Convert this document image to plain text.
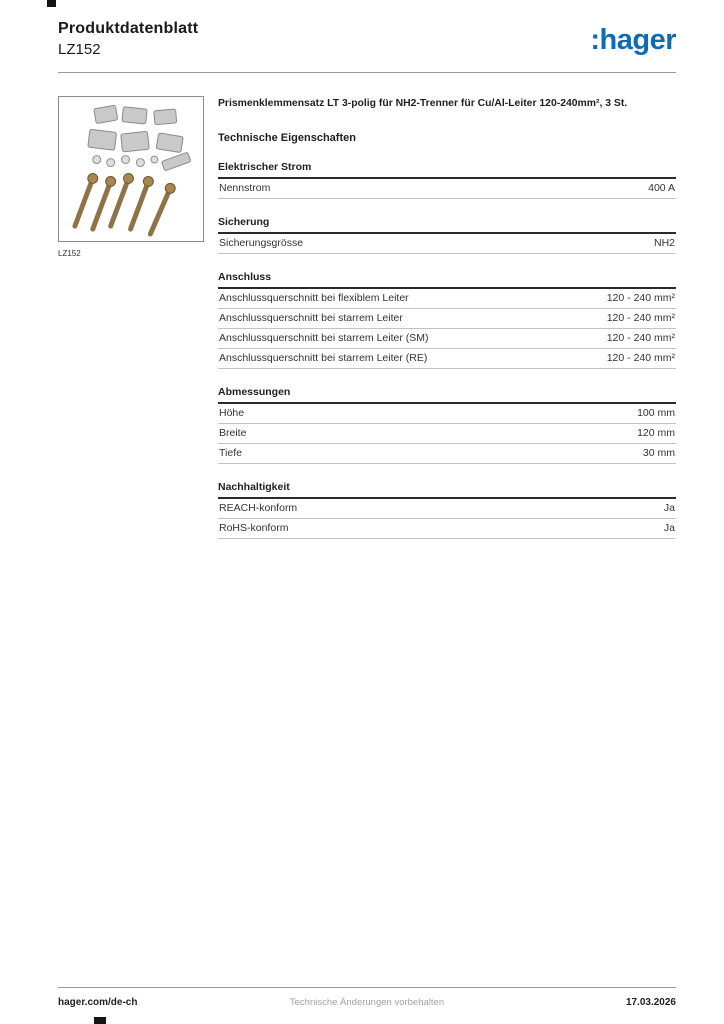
Produktdatenblatt
LZ152	:hager
LZ152
Prismenklemmensatz LT 3-polig für NH2-Trenner für Cu/Al-Leiter 120-240mm², 3 St.
Technische Eigenschaften
Elektrischer Strom
Nennstrom	400 A
Sicherung
Sicherungsgrösse	NH2
Anschluss
Anschlussquerschnitt bei flexiblem Leiter	120 - 240 mm²
Anschlussquerschnitt bei starrem Leiter	120 - 240 mm²
Anschlussquerschnitt bei starrem Leiter (SM)	120 - 240 mm²
Anschlussquerschnitt bei starrem Leiter (RE)	120 - 240 mm²
Abmessungen
Höhe	100 mm
Breite	120 mm
Tiefe	30 mm
Nachhaltigkeit
REACH-konform	Ja
RoHS-konform	Ja
hager.com/de-ch	Technische Änderungen vorbehalten	17.03.2026
